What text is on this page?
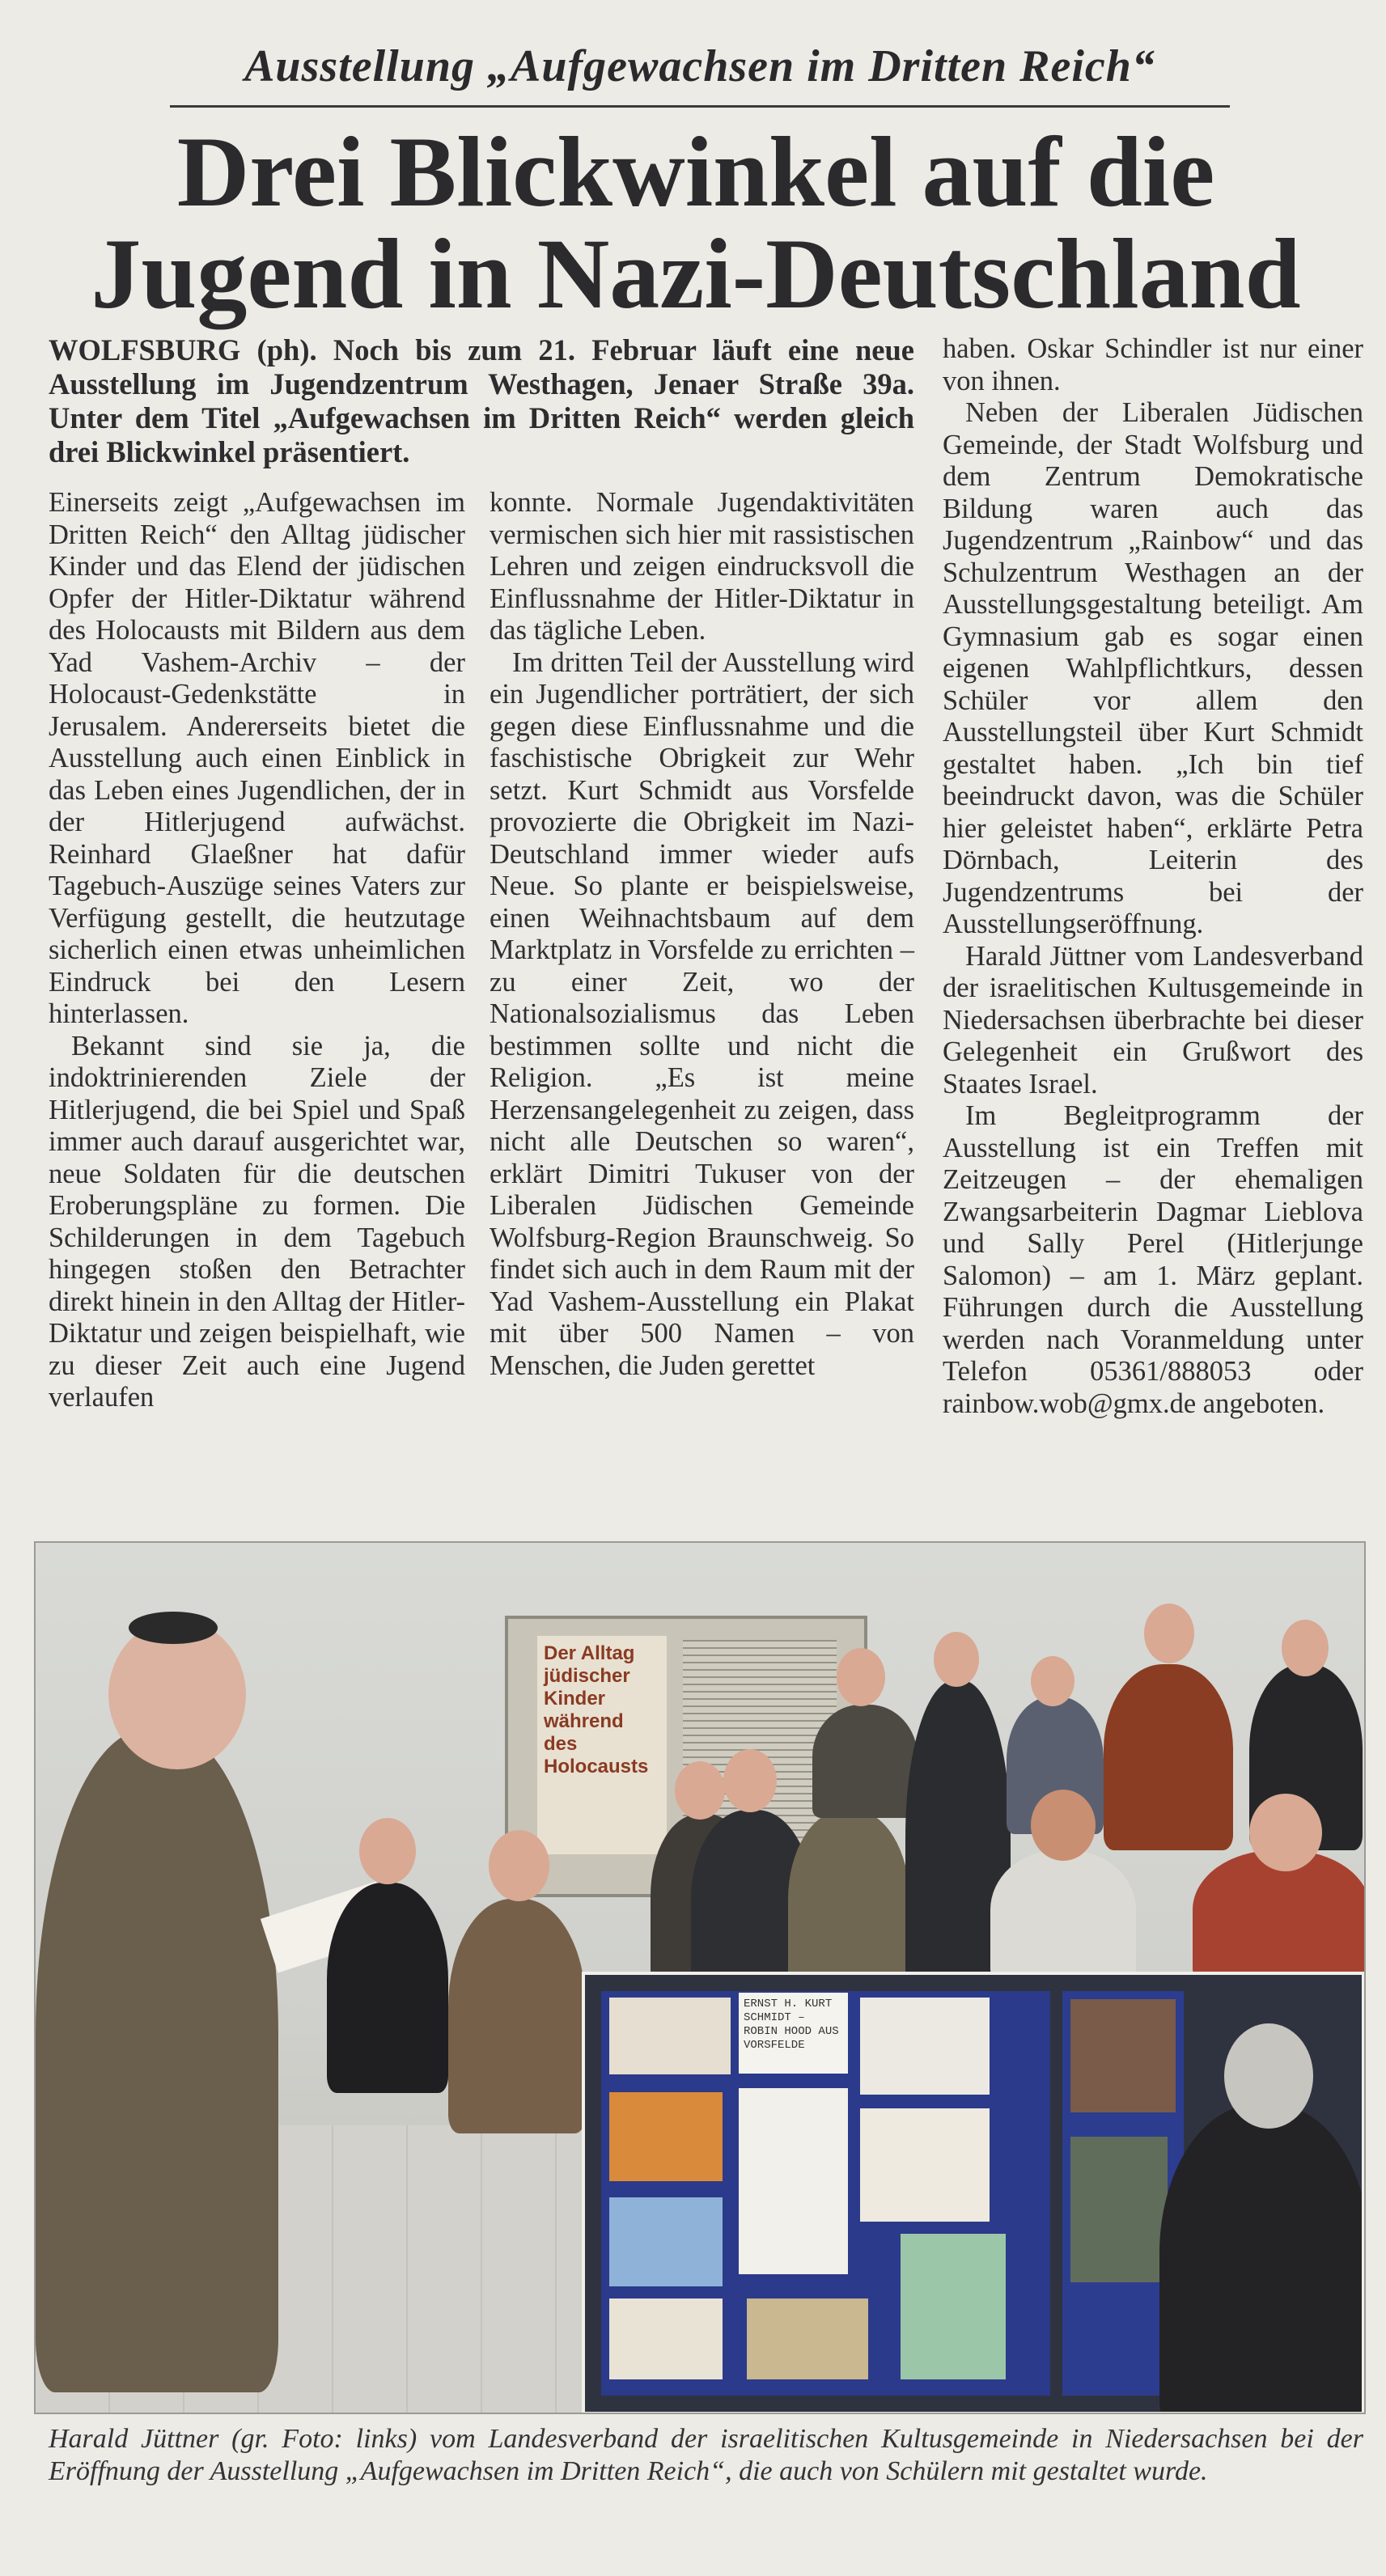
Ausstellung „Aufgewachsen im Dritten Reich“
Drei Blickwinkel auf die
Jugend in Nazi-Deutschland
WOLFSBURG (ph). Noch bis zum 21. Februar läuft eine neue Ausstellung im Jugendzentrum Westhagen, Jenaer Straße 39a. Unter dem Titel „Aufgewachsen im Dritten Reich“ werden gleich drei Blickwinkel präsentiert.

Einerseits zeigt „Aufgewachsen im Dritten Reich“ den Alltag jüdischer Kinder und das Elend der jüdischen Opfer der Hitler-Diktatur während des Holocausts mit Bildern aus dem Yad Vashem-Archiv – der Holocaust-Gedenkstätte in Jerusalem. Andererseits bietet die Ausstellung auch einen Einblick in das Leben eines Jugendlichen, der in der Hitlerjugend aufwächst. Reinhard Glaeßner hat dafür Tagebuch-Auszüge seines Vaters zur Verfügung gestellt, die heutzutage sicherlich einen etwas unheimlichen Eindruck bei den Lesern hinterlassen.

Bekannt sind sie ja, die indoktrinierenden Ziele der Hitlerjugend, die bei Spiel und Spaß immer auch darauf ausgerichtet war, neue Soldaten für die deutschen Eroberungspläne zu formen. Die Schilderungen in dem Tagebuch hingegen stoßen den Betrachter direkt hinein in den Alltag der Hitler-Diktatur und zeigen beispielhaft, wie zu dieser Zeit auch eine Jugend verlaufen

konnte. Normale Jugendaktivitäten vermischen sich hier mit rassistischen Lehren und zeigen eindrucksvoll die Einflussnahme der Hitler-Diktatur in das tägliche Leben.

Im dritten Teil der Ausstellung wird ein Jugendlicher porträtiert, der sich gegen diese Einflussnahme und die faschistische Obrigkeit zur Wehr setzt. Kurt Schmidt aus Vorsfelde provozierte die Obrigkeit im Nazi-Deutschland immer wieder aufs Neue. So plante er beispielsweise, einen Weihnachtsbaum auf dem Marktplatz in Vorsfelde zu errichten – zu einer Zeit, wo der Nationalsozialismus das Leben bestimmen sollte und nicht die Religion. „Es ist meine Herzensangelegenheit zu zeigen, dass nicht alle Deutschen so waren“, erklärt Dimitri Tukuser von der Liberalen Jüdischen Gemeinde Wolfsburg-Region Braunschweig. So findet sich auch in dem Raum mit der Yad Vashem-Ausstellung ein Plakat mit über 500 Namen – von Menschen, die Juden gerettet

haben. Oskar Schindler ist nur einer von ihnen.

Neben der Liberalen Jüdischen Gemeinde, der Stadt Wolfsburg und dem Zentrum Demokratische Bildung waren auch das Jugendzentrum „Rainbow“ und das Schulzentrum Westhagen an der Ausstellungsgestaltung beteiligt. Am Gymnasium gab es sogar einen eigenen Wahlpflichtkurs, dessen Schüler vor allem den Ausstellungsteil über Kurt Schmidt gestaltet haben. „Ich bin tief beeindruckt davon, was die Schüler hier geleistet haben“, erklärte Petra Dörnbach, Leiterin des Jugendzentrums bei der Ausstellungseröffnung.

Harald Jüttner vom Landesverband der israelitischen Kultusgemeinde in Niedersachsen überbrachte bei dieser Gelegenheit ein Grußwort des Staates Israel.

Im Begleitprogramm der Ausstellung ist ein Treffen mit Zeitzeugen – der ehemaligen Zwangsarbeiterin Dagmar Lieblova und Sally Perel (Hitlerjunge Salomon) – am 1. März geplant. Führungen durch die Ausstellung werden nach Voranmeldung unter Telefon 05361/888053 oder rainbow.wob@gmx.de angeboten.

Der Alltag jüdischer Kinder während des Holocausts
ERNST H. KURT SCHMIDT – ROBIN HOOD AUS VORSFELDE
Harald Jüttner (gr. Foto: links) vom Landesverband der israelitischen Kultusgemeinde in Niedersachsen bei der Eröffnung der Ausstellung „Aufgewachsen im Dritten Reich“, die auch von Schülern mit gestaltet wurde.
